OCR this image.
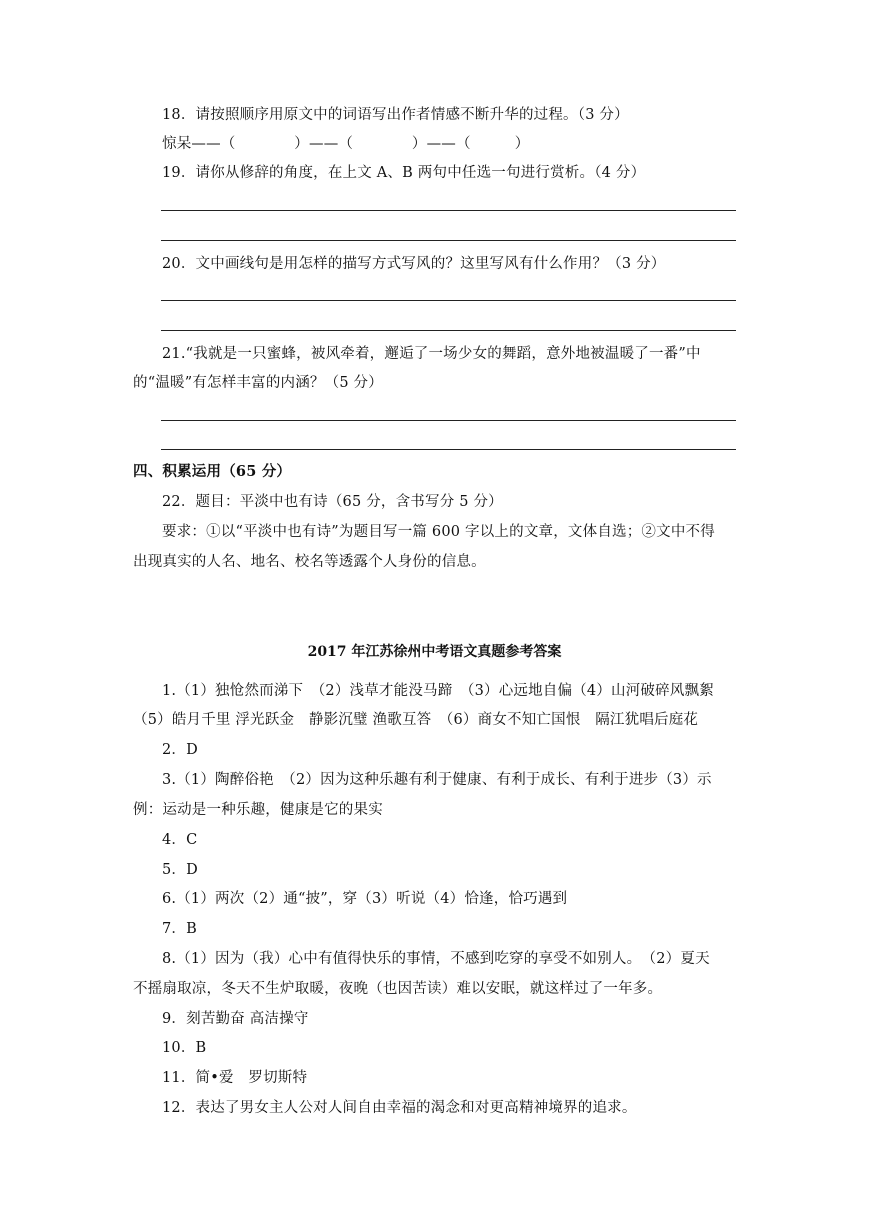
18．请按照顺序用原文中的词语写出作者情感不断升华的过程。（3 分）
惊呆——（　　　　）——（　　　　）——（　　　）
19．请你从修辞的角度，在上文 A、B 两句中任选一句进行赏析。（4 分）
20．文中画线句是用怎样的描写方式写风的？这里写风有什么作用？（3 分）
21.“我就是一只蜜蜂，被风牵着，邂逅了一场少女的舞蹈，意外地被温暖了一番”中
的“温暖”有怎样丰富的内涵？（5 分）
四、积累运用（65 分）
22．题目：平淡中也有诗（65 分，含书写分 5 分）
要求：①以“平淡中也有诗”为题目写一篇 600 字以上的文章，文体自选；②文中不得
出现真实的人名、地名、校名等透露个人身份的信息。
2017 年江苏徐州中考语文真题参考答案
1.（1）独怆然而涕下　（2）浅草才能没马蹄　（3）心远地自偏（4）山河破碎风飘絮
（5）皓月千里 浮光跃金　静影沉璧 渔歌互答　（6）商女不知亡国恨　隔江犹唱后庭花
2．D
3.（1）陶醉俗艳　（2）因为这种乐趣有利于健康、有利于成长、有利于进步（3）示
例：运动是一种乐趣，健康是它的果实
4．C
5．D
6.（1）两次（2）通“披”，穿（3）听说（4）恰逢，恰巧遇到
7．B
8.（1）因为（我）心中有值得快乐的事情，不感到吃穿的享受不如别人。　（2）夏天
不摇扇取凉，冬天不生炉取暖，夜晚（也因苦读）难以安眠，就这样过了一年多。
9．刻苦勤奋 高洁操守
10．B
11．简•爱　罗切斯特
12．表达了男女主人公对人间自由幸福的渴念和对更高精神境界的追求。
